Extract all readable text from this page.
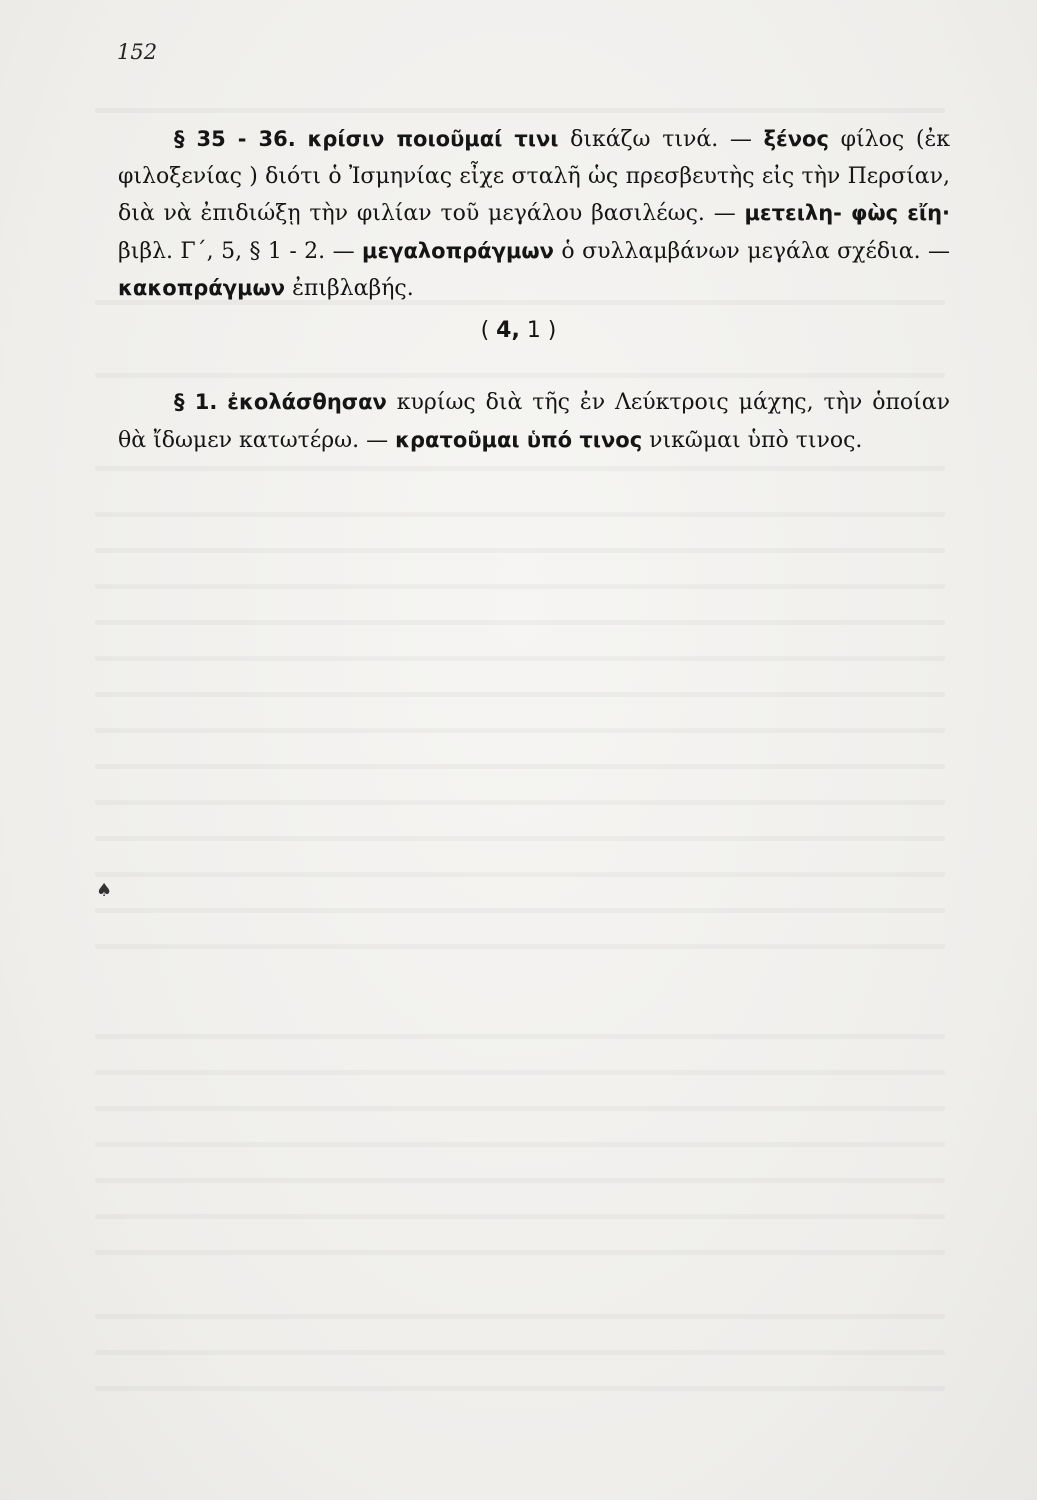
152
§ 35 - 36. κρίσιν ποιοῦμαί τινι δικάζω τινά. — ξένος φίλος (ἐκ φιλοξενίας ) διότι ὁ Ἰσμηνίας εἶχε σταλῆ ὡς πρεσβευτὴς εἰς τὴν Περσίαν, διὰ νὰ ἐπιδιώξῃ τὴν φιλίαν τοῦ μεγάλου βασιλέως. — μετειλη- φὼς εἴη· βιβλ. Γ΄, 5, § 1 - 2. — μεγαλοπράγμων ὁ συλλαμβάνων μεγάλα σχέδια. — κακοπράγμων ἐπιβλαβής.
( 4, 1 )
§ 1. ἐκολάσθησαν κυρίως διὰ τῆς ἐν Λεύκτροις μάχης, τὴν ὁποίαν θὰ ἴδωμεν κατωτέρω. — κρατοῦμαι ὑπό τινος νικῶμαι ὑπὸ τινος.
♠
